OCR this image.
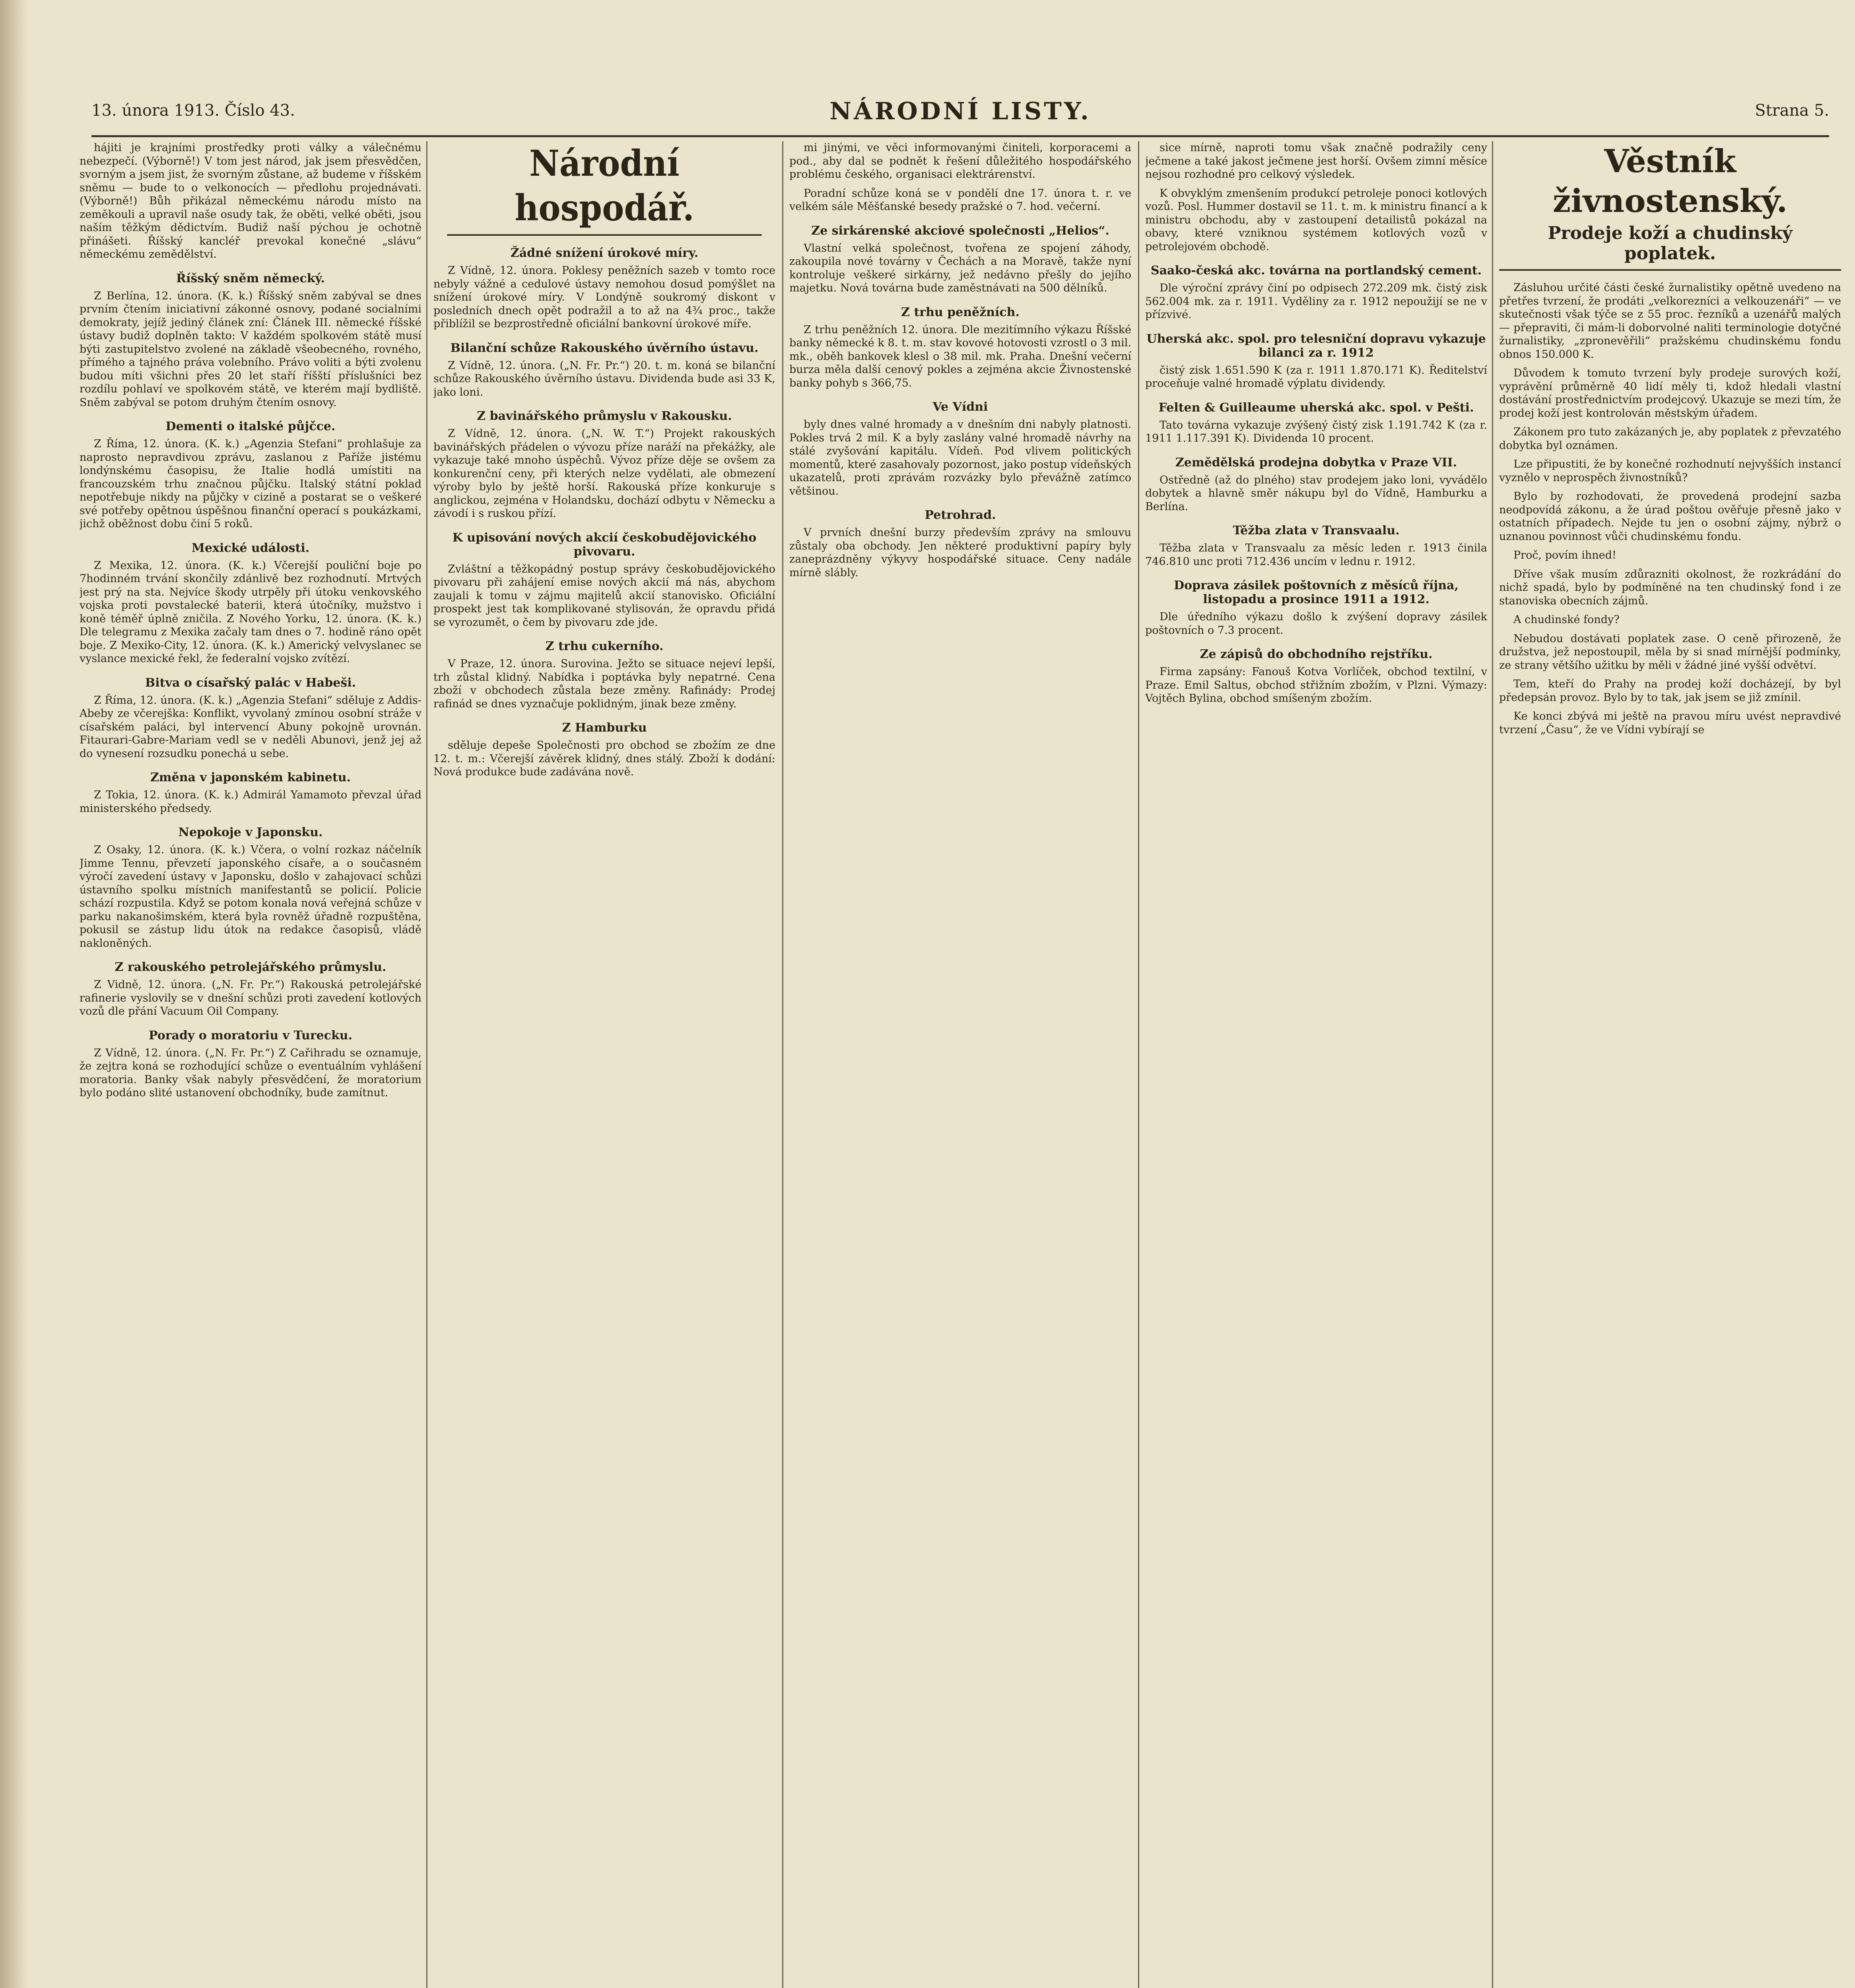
13. února 1913. Číslo 43.	NÁRODNÍ LISTY.	Strana 5.

hájiti je krajními prostředky proti války a válečnému nebezpečí. (Výborně!) V tom jest národ, jak jsem přesvědčen, svorným a jsem jist, že svorným zůstane, až budeme v říšském sněmu — bude to o velkonocích — předlohu projednávati. (Výborně!) Bůh přikázal německému národu místo na zeměkouli a upravil naše osudy tak, že oběti, velké oběti, jsou naším těžkým dědictvím. Budiž naší pýchou je ochotně přinášeti. Říšský kancléř prevokal konečné „slávu“ německému zemědělství.

Říšský sněm německý.

Z Berlína, 12. února. (K. k.) Říšský sněm zabýval se dnes prvním čtením iniciativní zákonné osnovy, podané socialními demokraty, jejíž jediný článek zní: Článek III. německé říšské ústavy budiž doplněn takto: V každém spolkovém státě musí býti zastupitelstvo zvolené na základě všeobecného, rovného, přímého a tajného práva volebního. Právo voliti a býti zvolenu budou míti všichni přes 20 let staří říšští příslušníci bez rozdílu pohlaví ve spolkovém státě, ve kterém mají bydliště. Sněm zabýval se potom druhým čtením osnovy.

Dementi o italské půjčce.

Z Říma, 12. února. (K. k.) „Agenzia Stefani“ prohlašuje za naprosto nepravdivou zprávu, zaslanou z Paříže jistému londýnskému časopisu, že Italie hodlá umístiti na francouzském trhu značnou půjčku. Italský státní poklad nepotřebuje nikdy na půjčky v cizině a postarat se o veškeré své potřeby opětnou úspěšnou finanční operací s poukázkami, jichž oběžnost dobu činí 5 roků.

Mexické události.

Z Mexika, 12. února. (K. k.) Včerejší pouliční boje po 7hodinném trvání skončily zdánlivě bez rozhodnutí. Mrtvých jest prý na sta. Nejvíce škody utrpěly při útoku venkovského vojska proti povstalecké baterii, která útočníky, mužstvo i koně téměř úplně zničila. Z Nového Yorku, 12. února. (K. k.) Dle telegramu z Mexika začaly tam dnes o 7. hodině ráno opět boje. Z Mexiko-City, 12. února. (K. k.) Americký velvyslanec se vyslance mexické řekl, že federalní vojsko zvítězí.

Bitva o císařský palác v Habeši.

Z Říma, 12. února. (K. k.) „Agenzia Stefani“ sděluje z Addis-Abeby ze včerejška: Konflikt, vyvolaný zmínou osobní stráže v císařském paláci, byl intervencí Abuny pokojně urovnán. Fitaurari-Gabre-Mariam vedl se v neděli Abunovi, jenž jej až do vynesení rozsudku ponechá u sebe.

Změna v japonském kabinetu.

Z Tokia, 12. února. (K. k.) Admirál Yamamoto převzal úřad ministerského předsedy.

Nepokoje v Japonsku.

Z Osaky, 12. února. (K. k.) Včera, o volní rozkaz náčelník Jimme Tennu, převzetí japonského císaře, a o současném výročí zavedení ústavy v Japonsku, došlo v zahajovací schůzi ústavního spolku místních manifestantů se policií. Policie schází rozpustila. Když se potom konala nová veřejná schůze v parku nakanošimském, která byla rovněž úřadně rozpuštěna, pokusil se zástup lidu útok na redakce časopisů, vládě nakloněných.

Z rakouského petrolejářského průmyslu.

Z Vidně, 12. února. („N. Fr. Pr.“) Rakouská petrolejářské rafinerie vyslovily se v dnešní schůzi proti zavedení kotlových vozů dle přání Vacuum Oil Company.

Porady o moratoriu v Turecku.

Z Vídně, 12. února. („N. Fr. Pr.“) Z Cařihradu se oznamuje, že zejtra koná se rozhodující schůze o eventuálním vyhlášení moratoria. Banky však nabyly přesvědčení, že moratorium bylo podáno slité ustanovení obchodníky, bude zamítnut.

Národní hospodář.
Žádné snížení úrokové míry.

Z Vídně, 12. února. Poklesy peněžních sazeb v tomto roce nebyly vážné a cedulové ústavy nemohou dosud pomýšlet na snížení úrokové míry. V Londýně soukromý diskont v posledních dnech opět podražil a to až na 4¾ proc., takže přiblížil se bezprostředně oficiální bankovní úrokové míře.

Bilanční schůze Rakouského úvěrního ústavu.

Z Vídně, 12. února. („N. Fr. Pr.“) 20. t. m. koná se bilanční schůze Rakouského úvěrního ústavu. Dividenda bude asi 33 K, jako loni.

Z bavinářského průmyslu v Rakousku.

Z Vídně, 12. února. („N. W. T.“) Projekt rakouských bavinářských přádelen o vývozu příze naráží na překážky, ale vykazuje také mnoho úspěchů. Vývoz příze děje se ovšem za konkurenční ceny, při kterých nelze vydělati, ale obmezení výroby bylo by ještě horší. Rakouská příze konkuruje s anglickou, zejména v Holandsku, dochází odbytu v Německu a závodí i s ruskou přízí.

K upisování nových akcií českobudějovického pivovaru.

Zvláštní a těžkopádný postup správy českobudějovického pivovaru při zahájení emise nových akcií má nás, abychom zaujali k tomu v zájmu majitelů akcií stanovisko. Oficiální prospekt jest tak komplikované stylisován, že opravdu přidá se vyrozumět, o čem by pivovaru zde jde.

Z trhu cukerního.

V Praze, 12. února. Surovina. Ježto se situace nejeví lepší, trh zůstal klidný. Nabídka i poptávka byly nepatrné. Cena zboží v obchodech zůstala beze změny. Rafinády: Prodej rafinád se dnes vyznačuje poklidným, jinak beze změny.

Z Hamburku

sděluje depeše Společnosti pro obchod se zbožím ze dne 12. t. m.: Včerejší závěrek klidný, dnes stálý. Zboží k dodání: Nová produkce bude zadávána nově.

mi jinými, ve věci informovanými činiteli, korporacemi a pod., aby dal se podnět k řešení důležitého hospodářského problému českého, organisaci elektrárenství.

Poradní schůze koná se v pondělí dne 17. února t. r. ve velkém sále Měšťanské besedy pražské o 7. hod. večerní.

Ze sirkárenské akciové společnosti „Helios“.

Vlastní velká společnost, tvořena ze spojení záhody, zakoupila nové továrny v Čechách a na Moravě, takže nyní kontroluje veškeré sirkárny, jež nedávno přešly do jejího majetku. Nová továrna bude zaměstnávati na 500 dělníků.

Z trhu peněžních.

Z trhu peněžních 12. února. Dle mezitímního výkazu Říšské banky německé k 8. t. m. stav kovové hotovosti vzrostl o 3 mil. mk., oběh bankovek klesl o 38 mil. mk. Praha. Dnešní večerní burza měla další cenový pokles a zejména akcie Živnostenské banky pohyb s 366,75.

Ve Vídni

byly dnes valné hromady a v dnešním dni nabyly platnosti. Pokles trvá 2 mil. K a byly zaslány valné hromadě návrhy na stálé zvyšování kapitálu. Vídeň. Pod vlivem politických momentů, které zasahovaly pozornost, jako postup vídeňských ukazatelů, proti zprávám rozvázky bylo převážně zatímco většinou.

Petrohrad.

V prvních dnešní burzy především zprávy na smlouvu zůstaly oba obchody. Jen některé produktivní papíry byly zaneprázdněny výkyvy hospodářské situace. Ceny nadále mírně slábly.

sice mírně, naproti tomu však značně podražily ceny ječmene a také jakost ječmene jest horší. Ovšem zimní měsíce nejsou rozhodné pro celkový výsledek.

K obvyklým zmenšením produkcí petroleje ponoci kotlových vozů. Posl. Hummer dostavil se 11. t. m. k ministru financí a k ministru obchodu, aby v zastoupení detailistů pokázal na obavy, které vzniknou systémem kotlových vozů v petrolejovém obchodě.

Saako-česká akc. továrna na portlandský cement.

Dle výroční zprávy činí po odpisech 272.209 mk. čistý zisk 562.004 mk. za r. 1911. Vyděliny za r. 1912 nepoužijí se ne v přízvivé.

Uherská akc. spol. pro telesniční dopravu vykazuje bilanci za r. 1912

čistý zisk 1.651.590 K (za r. 1911 1.870.171 K). Ředitelství proceňuje valné hromadě výplatu dividendy.

Felten & Guilleaume uherská akc. spol. v Pešti.

Tato továrna vykazuje zvýšený čistý zisk 1.191.742 K (za r. 1911 1.117.391 K). Dividenda 10 procent.

Zemědělská prodejna dobytka v Praze VII.

Ostředně (až do plného) stav prodejem jako loni, vyvádělo dobytek a hlavně směr nákupu byl do Vídně, Hamburku a Berlína.

Těžba zlata v Transvaalu.

Těžba zlata v Transvaalu za měsíc leden r. 1913 činila 746.810 unc proti 712.436 uncím v lednu r. 1912.

Doprava zásilek poštovních z měsíců října, listopadu a prosince 1911 a 1912.

Dle úředního výkazu došlo k zvýšení dopravy zásilek poštovních o 7.3 procent.

Ze zápisů do obchodního rejstříku.

Firma zapsány: Fanouš Kotva Vorlíček, obchod textilní, v Praze. Emil Saltus, obchod střižním zbožím, v Plzni. Výmazy: Vojtěch Bylina, obchod smíšeným zbožím.

Věstník živnostenský.
Prodeje koží a chudinský poplatek.

Zásluhou určité části české žurnalistiky opětně uvedeno na přetřes tvrzení, že prodáti „velkorezníci a velkouzenáři“ — ve skutečnosti však týče se z 55 proc. řezníků a uzenářů malých — přepraviti, či mám-li doborvolné naliti terminologie dotyčné žurnalistiky, „zpronevěřili“ pražskému chudinskému fondu obnos 150.000 K.

Důvodem k tomuto tvrzení byly prodeje surových koží, vyprávění průměrně 40 lidí měly ti, kdož hledali vlastní dostávání prostřednictvím prodejcový. Ukazuje se mezi tím, že prodej koží jest kontrolován městským úřadem.

Zákonem pro tuto zakázaných je, aby poplatek z převzatého dobytka byl oznámen.

Lze připustiti, že by konečné rozhodnutí nejvyšších instancí vyznělo v neprospěch živnostníků?

Bylo by rozhodovati, že provedená prodejní sazba neodpovídá zákonu, a že úrad poštou ověřuje přesně jako v ostatních případech. Nejde tu jen o osobní zájmy, nýbrž o uznanou povinnost vůči chudinskému fondu.

Proč, povím ihned!

Dříve však musím zdůrazniti okolnost, že rozkrádání do nichž spadá, bylo by podmíněné na ten chudinský fond i ze stanoviska obecních zájmů.

A chudinské fondy?

Nebudou dostávati poplatek zase. O ceně přirozeně, že družstva, jež nepostoupil, měla by si snad mírnější podmínky, ze strany většího užitku by měli v žádné jiné vyšší odvětví.

Tem, kteří do Prahy na prodej koží docházejí, by byl předepsán provoz. Bylo by to tak, jak jsem se již zmínil.

Ke konci zbývá mi ještě na pravou míru uvést nepravdivé tvrzení „Času“, že ve Vídni vybírají se
